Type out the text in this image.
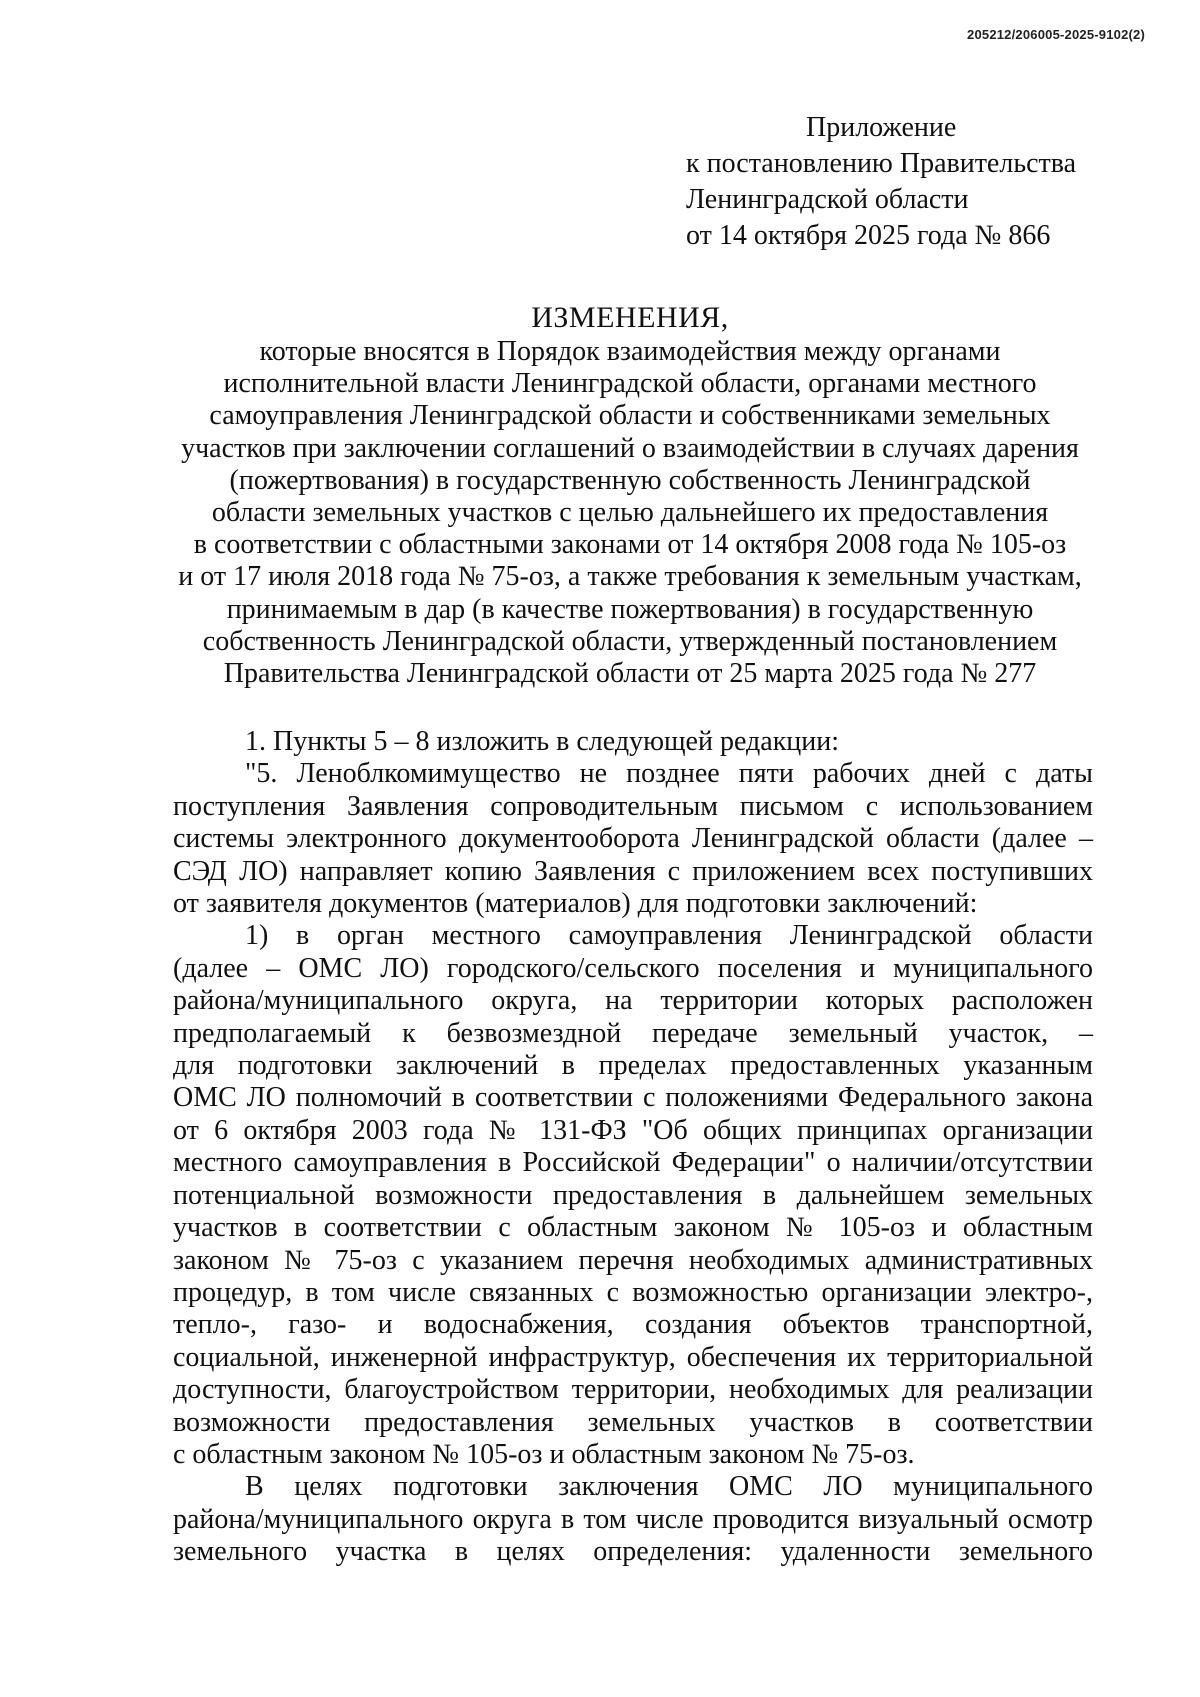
205212/206005-2025-9102(2)
Приложение
к постановлению Правительства
Ленинградской области
от 14 октября 2025 года № 866
ИЗМЕНЕНИЯ,
которые вносятся в Порядок взаимодействия между органами
исполнительной власти Ленинградской области, органами местного
самоуправления Ленинградской области и собственниками земельных
участков при заключении соглашений о взаимодействии в случаях дарения
(пожертвования) в государственную собственность Ленинградской
области земельных участков с целью дальнейшего их предоставления
в соответствии с областными законами от 14 октября 2008 года № 105-оз
и от 17 июля 2018 года № 75-оз, а также требования к земельным участкам,
принимаемым в дар (в качестве пожертвования) в государственную
собственность Ленинградской области, утвержденный постановлением
Правительства Ленинградской области от 25 марта 2025 года № 277
1. Пункты 5 – 8 изложить в следующей редакции:
"5. Леноблкомимущество не позднее пяти рабочих дней с даты
поступления Заявления сопроводительным письмом с использованием
системы электронного документооборота Ленинградской области (далее –
СЭД ЛО) направляет копию Заявления с приложением всех поступивших
от заявителя документов (материалов) для подготовки заключений:
1) в орган местного самоуправления Ленинградской области
(далее – ОМС ЛО) городского/сельского поселения и муниципального
района/муниципального округа, на территории которых расположен
предполагаемый к безвозмездной передаче земельный участок, –
для подготовки заключений в пределах предоставленных указанным
ОМС ЛО полномочий в соответствии с положениями Федерального закона
от 6 октября 2003 года № 131-ФЗ "Об общих принципах организации
местного самоуправления в Российской Федерации" о наличии/отсутствии
потенциальной возможности предоставления в дальнейшем земельных
участков в соответствии с областным законом № 105-оз и областным
законом № 75-оз с указанием перечня необходимых административных
процедур, в том числе связанных с возможностью организации электро-,
тепло-, газо- и водоснабжения, создания объектов транспортной,
социальной, инженерной инфраструктур, обеспечения их территориальной
доступности, благоустройством территории, необходимых для реализации
возможности предоставления земельных участков в соответствии
с областным законом № 105-оз и областным законом № 75-оз.
В целях подготовки заключения ОМС ЛО муниципального
района/муниципального округа в том числе проводится визуальный осмотр
земельного участка в целях определения: удаленности земельного
